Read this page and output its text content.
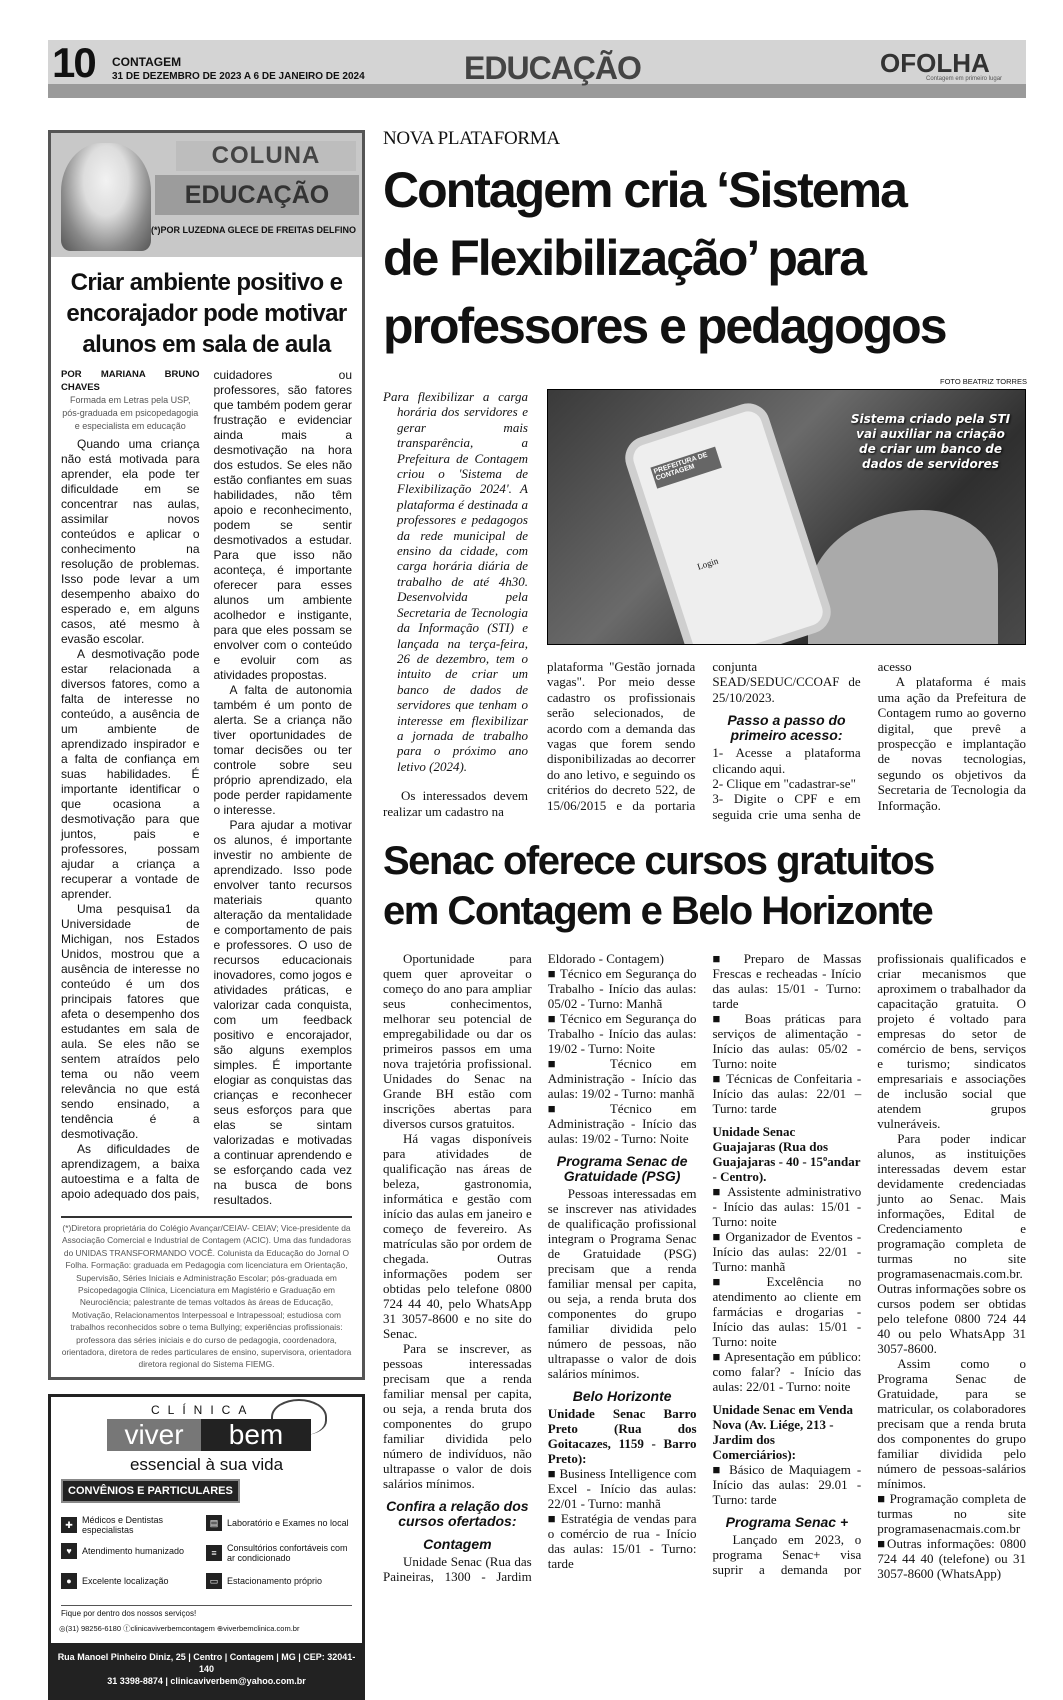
10 CONTAGEM
31 DE DEZEMBRO DE 2023 A 6 DE JANEIRO DE 2024	EDUCAÇÃO	OFOLHA
Contagem em primeiro lugar
COLUNA
EDUCAÇÃO
(*)POR LUZEDNA GLECE DE FREITAS DELFINO
Criar ambiente positivo e encorajador pode motivar alunos em sala de aula

POR MARIANA BRUNO CHAVES

Formada em Letras pela USP, pós-graduada em psicopedagogia e especialista em educação

Quando uma criança não está motivada para aprender, ela pode ter dificuldade em se concentrar nas aulas, assimilar novos conteúdos e aplicar o conhecimento na resolução de problemas. Isso pode levar a um desempenho abaixo do esperado e, em alguns casos, até mesmo à evasão escolar.

A desmotivação pode estar relacionada a diversos fatores, como a falta de interesse no conteúdo, a ausência de um ambiente de aprendizado inspirador e a falta de confiança em suas habilidades. É importante identificar o que ocasiona a desmotivação para que juntos, pais e professores, possam ajudar a criança a recuperar a vontade de aprender.

Uma pesquisa1 da Universidade de Michigan, nos Estados Unidos, mostrou que a ausência de interesse no conteúdo é um dos principais fatores que afeta o desempenho dos estudantes em sala de aula. Se eles não se sentem atraídos pelo tema ou não veem relevância no que está sendo ensinado, a tendência é a desmotivação.

As dificuldades de aprendizagem, a baixa autoestima e a falta de apoio adequado dos pais, cuidadores ou professores, são fatores que também podem gerar frustração e evidenciar ainda mais a desmotivação na hora dos estudos. Se eles não estão confiantes em suas habilidades, não têm apoio e reconhecimento, podem se sentir desmotivados a estudar. Para que isso não aconteça, é importante oferecer para esses alunos um ambiente acolhedor e instigante, para que eles possam se envolver com o conteúdo e evoluir com as atividades propostas.

A falta de autonomia também é um ponto de alerta. Se a criança não tiver oportunidades de tomar decisões ou ter controle sobre seu próprio aprendizado, ela pode perder rapidamente o interesse.

Para ajudar a motivar os alunos, é importante investir no ambiente de aprendizado. Isso pode envolver tanto recursos materiais quanto alteração da mentalidade e comportamento de pais e professores. O uso de recursos educacionais inovadores, como jogos e atividades práticas, e valorizar cada conquista, com um feedback positivo e encorajador, são alguns exemplos simples. É importante elogiar as conquistas das crianças e reconhecer seus esforços para que elas se sintam valorizadas e motivadas a continuar aprendendo e se esforçando cada vez na busca de bons resultados.

(*)Diretora proprietária do Colégio Avançar/CEIAV- CEIAV; Vice-presidente da Associação Comercial e Industrial de Contagem (ACIC). Uma das fundadoras do UNIDAS TRANSFORMANDO VOCÊ. Colunista da Educação do Jornal O Folha. Formação: graduada em Pedagogia com licenciatura em Orientação, Supervisão, Séries Iniciais e Administração Escolar; pós-graduada em Psicopedagogia Clínica, Licenciatura em Magistério e Graduação em Neurociência; palestrante de temas voltados às áreas de Educação, Motivação, Relacionamentos Interpessoal e Intrapessoal; estudiosa com trabalhos reconhecidos sobre o tema Bullying; experiências profissionais: professora das séries iniciais e do curso de pedagogia, coordenadora, orientadora, diretora de redes particulares de ensino, supervisora, orientadora diretora regional do Sistema FIEMG.

CLÍNICA
viver	bem
essencial à sua vida
CONVÊNIOS E PARTICULARES
✚	Médicos e Dentistas especialistas
▤ Laboratório e Exames no local
♥	Atendimento humanizado	≡	Consultórios confortáveis com ar condicionado
●	Excelente localização	▭ Estacionamento próprio
Fique por dentro dos nossos serviços!
◎(31) 98256-6180 ⓕclinicaviverbemcontagem ⊕viverbemclinica.com.br
Rua Manoel Pinheiro Diniz, 25 | Centro | Contagem | MG | CEP: 32041-140
31 3398-8874 | clinicaviverbem@yahoo.com.br
NOVA PLATAFORMA
Contagem cria ‘Sistema
de Flexibilização’ para
professores e pedagogos
FOTO BEATRIZ TORRES
PREFEITURA DE CONTAGEM
Login
Sistema criado pela STI vai auxiliar na criação de criar um banco de dados de servidores

Para flexibilizar a carga horária dos servidores e gerar mais transparência, a Prefeitura de Contagem criou o 'Sistema de Flexibilização 2024'. A plataforma é destinada a professores e pedagogos da rede municipal de ensino da cidade, com carga horária diária de trabalho de até 4h30. Desenvolvida pela Secretaria de Tecnologia da Informação (STI) e lançada na terça-feira, 26 de dezembro, tem o intuito de criar um banco de dados de servidores que tenham o interesse em flexibilizar a jornada de trabalho para o próximo ano letivo (2024).

Os interessados devem realizar um cadastro na

plataforma "Gestão jornada vagas". Por meio desse cadastro os profissionais serão selecionados, de acordo com a demanda das vagas que forem sendo disponibilizadas ao decorrer do ano letivo, e seguindo os critérios do decreto 522, de 15/06/2015 e da portaria conjunta SEAD/SEDUC/CCOAF de 25/10/2023.

Passo a passo do primeiro acesso:

1- Acesse a plataforma clicando aqui.

2- Clique em "cadastrar-se"

3- Digite o CPF e em seguida crie uma senha de acesso

A plataforma é mais uma ação da Prefeitura de Contagem rumo ao governo digital, que prevê a prospecção e implantação de novas tecnologias, segundo os objetivos da Secretaria de Tecnologia da Informação.

Senac oferece cursos gratuitos
em Contagem e Belo Horizonte

Oportunidade para quem quer aproveitar o começo do ano para ampliar seus conhecimentos, melhorar seu potencial de empregabilidade ou dar os primeiros passos em uma nova trajetória profissional. Unidades do Senac na Grande BH estão com inscrições abertas para diversos cursos gratuitos.

Há vagas disponíveis para atividades de qualificação nas áreas de beleza, gastronomia, informática e gestão com início das aulas em janeiro e começo de fevereiro. As matrículas são por ordem de chegada. Outras informações podem ser obtidas pelo telefone 0800 724 44 40, pelo WhatsApp 31 3057-8600 e no site do Senac.

Para se inscrever, as pessoas interessadas precisam que a renda familiar mensal per capita, ou seja, a renda bruta dos componentes do grupo familiar dividida pelo número de indivíduos, não ultrapasse o valor de dois salários mínimos.

Confira a relação dos cursos ofertados:
Contagem

Unidade Senac (Rua das Paineiras, 1300 - Jardim Eldorado - Contagem)

■ Técnico em Segurança do Trabalho - Início das aulas: 05/02 - Turno: Manhã

■ Técnico em Segurança do Trabalho - Início das aulas: 19/02 - Turno: Noite

■ Técnico em Administração - Início das aulas: 19/02 - Turno: manhã

■ Técnico em Administração - Início das aulas: 19/02 - Turno: Noite

Programa Senac de Gratuidade (PSG)

Pessoas interessadas em se inscrever nas atividades de qualificação profissional integram o Programa Senac de Gratuidade (PSG) precisam que a renda familiar mensal per capita, ou seja, a renda bruta dos componentes do grupo familiar dividida pelo número de pessoas, não ultrapasse o valor de dois salários mínimos.

Belo Horizonte

Unidade Senac Barro Preto (Rua dos Goitacazes, 1159 - Barro Preto):

■ Business Intelligence com Excel - Início das aulas: 22/01 - Turno: manhã

■ Estratégia de vendas para o comércio de rua - Início das aulas: 15/01 - Turno: tarde

■ Preparo de Massas Frescas e recheadas - Início das aulas: 15/01 - Turno: tarde

■ Boas práticas para serviços de alimentação - Início das aulas: 05/02 - Turno: noite

■ Técnicas de Confeitaria - Início das aulas: 22/01 – Turno: tarde

Unidade Senac Guajajaras (Rua dos Guajajaras - 40 - 15ºandar - Centro).

■ Assistente administrativo - Início das aulas: 15/01 - Turno: noite

■ Organizador de Eventos - Início das aulas: 22/01 - Turno: manhã

■ Excelência no atendimento ao cliente em farmácias e drogarias - Início das aulas: 15/01 - Turno: noite

■ Apresentação em público: como falar? - Início das aulas: 22/01 - Turno: noite

Unidade Senac em Venda Nova (Av. Liége, 213 - Jardim dos Comerciários):

■ Básico de Maquiagem - Início das aulas: 29.01 - Turno: tarde

Programa Senac +

Lançado em 2023, o programa Senac+ visa suprir a demanda por profissionais qualificados e criar mecanismos que aproximem o trabalhador da capacitação gratuita. O projeto é voltado para empresas do setor de comércio de bens, serviços e turismo; sindicatos empresariais e associações de inclusão social que atendem grupos vulneráveis.

Para poder indicar alunos, as instituições interessadas devem estar devidamente credenciadas junto ao Senac. Mais informações, Edital de Credenciamento e programação completa de turmas no site programasenacmais.com.br. Outras informações sobre os cursos podem ser obtidas pelo telefone 0800 724 44 40 ou pelo WhatsApp 31 3057-8600.

Assim como o Programa Senac de Gratuidade, para se matricular, os colaboradores precisam que a renda bruta dos componentes do grupo familiar dividida pelo número de pessoas-salários mínimos.

■ Programação completa de turmas no site programasenacmais.com.br

■Outras informações: 0800 724 44 40 (telefone) ou 31 3057-8600 (WhatsApp)
